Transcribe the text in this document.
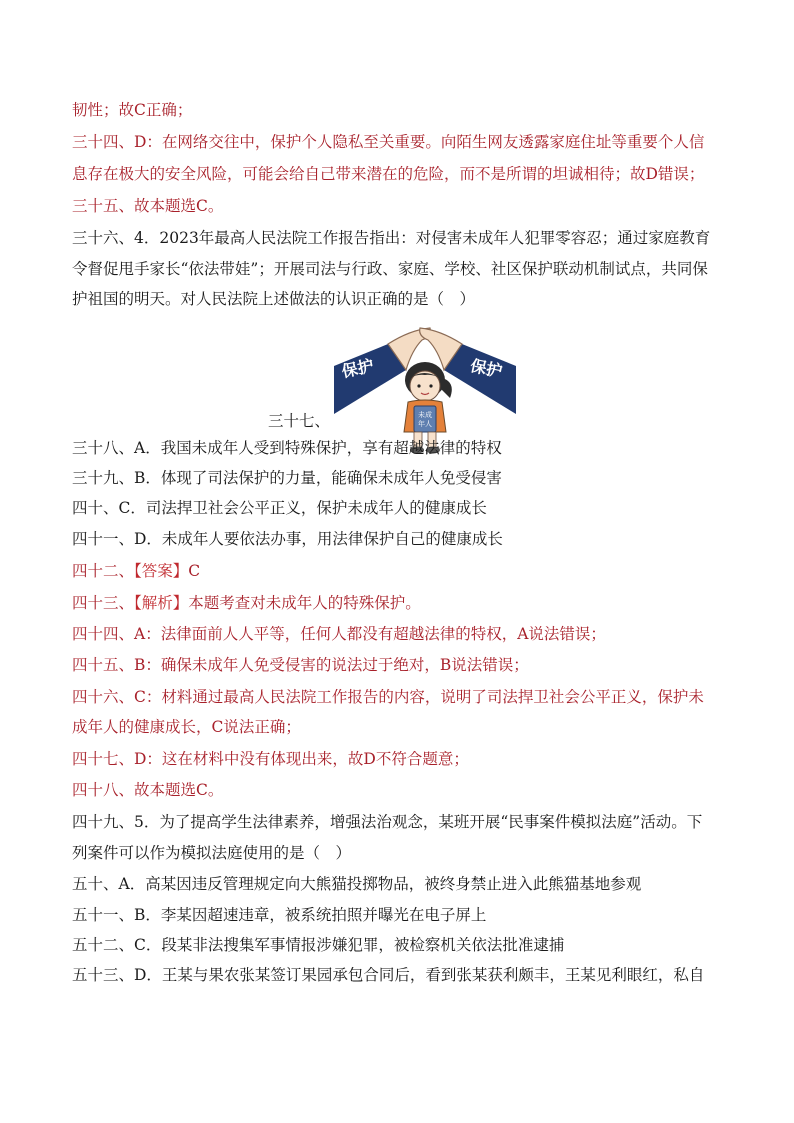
韧性；故C正确；
三十四、D：在网络交往中，保护个人隐私至关重要。向陌生网友透露家庭住址等重要个人信
息存在极大的安全风险，可能会给自己带来潜在的危险，而不是所谓的坦诚相待；故D错误；
三十五、故本题选C。
三十六、4．2023年最高人民法院工作报告指出：对侵害未成年人犯罪零容忍；通过家庭教育
令督促甩手家长“依法带娃”；开展司法与行政、家庭、学校、社区保护联动机制试点，共同保
护祖国的明天。对人民法院上述做法的认识正确的是（　）
保护	保护
未成
年人
三十七、
三十八、A．我国未成年人受到特殊保护，享有超越法律的特权
三十九、B．体现了司法保护的力量，能确保未成年人免受侵害
四十、C．司法捍卫社会公平正义，保护未成年人的健康成长
四十一、D．未成年人要依法办事，用法律保护自己的健康成长
四十二、【答案】C
四十三、【解析】本题考查对未成年人的特殊保护。
四十四、A：法律面前人人平等，任何人都没有超越法律的特权，A说法错误；
四十五、B：确保未成年人免受侵害的说法过于绝对，B说法错误；
四十六、C：材料通过最高人民法院工作报告的内容，说明了司法捍卫社会公平正义，保护未
成年人的健康成长，C说法正确；
四十七、D：这在材料中没有体现出来，故D不符合题意；
四十八、故本题选C。
四十九、5．为了提高学生法律素养，增强法治观念，某班开展“民事案件模拟法庭”活动。下
列案件可以作为模拟法庭使用的是（　）
五十、A．高某因违反管理规定向大熊猫投掷物品，被终身禁止进入此熊猫基地参观
五十一、B．李某因超速违章，被系统拍照并曝光在电子屏上
五十二、C．段某非法搜集军事情报涉嫌犯罪，被检察机关依法批准逮捕
五十三、D．王某与果农张某签订果园承包合同后，看到张某获利颇丰，王某见利眼红，私自
